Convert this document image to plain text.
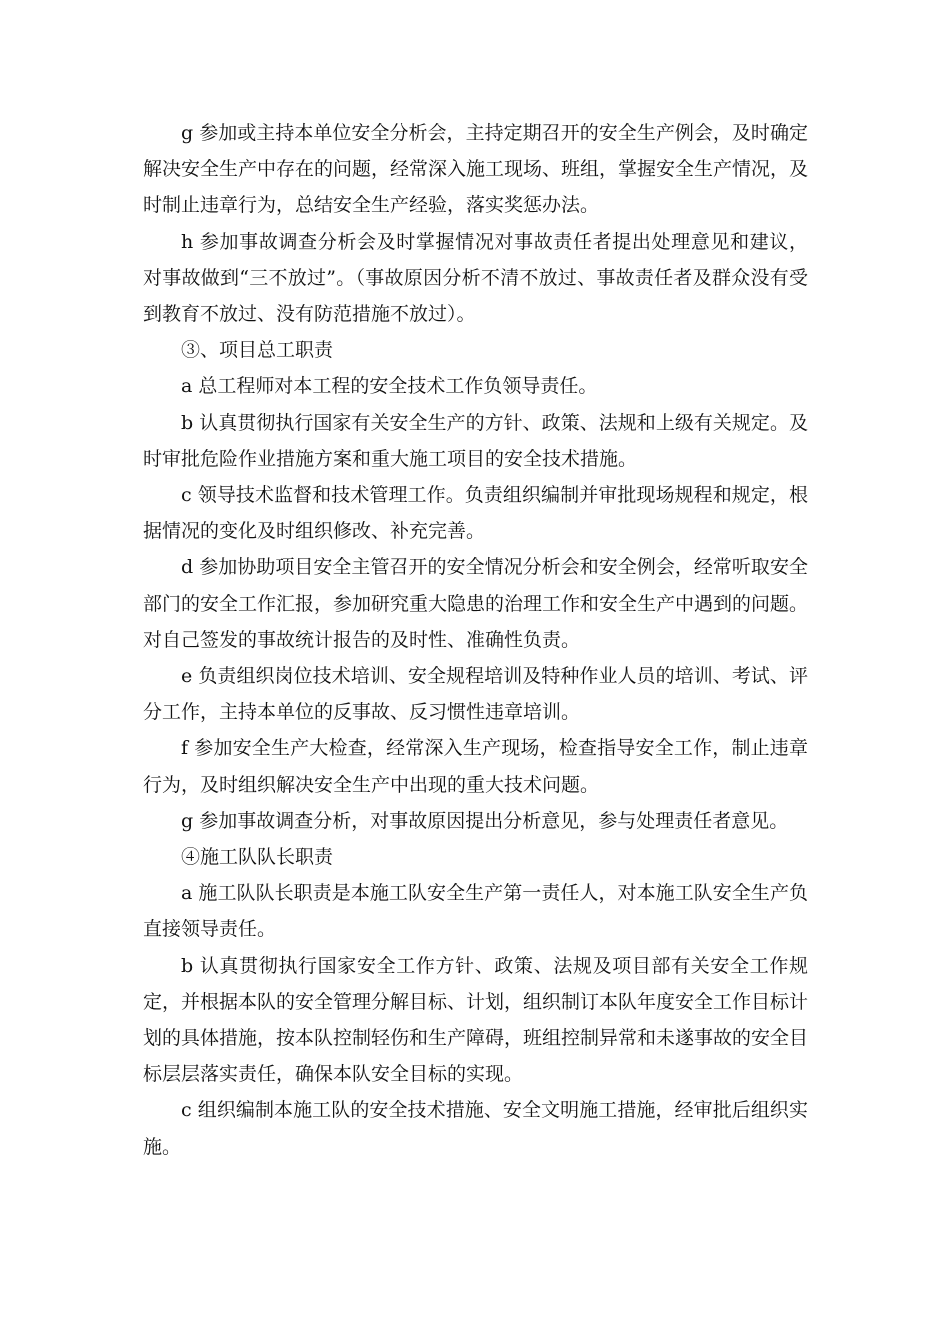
g 参加或主持本单位安全分析会，主持定期召开的安全生产例会，及时确定解决安全生产中存在的问题，经常深入施工现场、班组，掌握安全生产情况，及时制止违章行为，总结安全生产经验，落实奖惩办法。

h 参加事故调查分析会及时掌握情况对事故责任者提出处理意见和建议， 对事故做到“三不放过”。（事故原因分析不清不放过、事故责任者及群众没有受到教育不放过、没有防范措施不放过）。

③、项目总工职责

a 总工程师对本工程的安全技术工作负领导责任。

b 认真贯彻执行国家有关安全生产的方针、政策、法规和上级有关规定。及时审批危险作业措施方案和重大施工项目的安全技术措施。

c 领导技术监督和技术管理工作。负责组织编制并审批现场规程和规定，根据情况的变化及时组织修改、补充完善。

d 参加协助项目安全主管召开的安全情况分析会和安全例会，经常听取安全部门的安全工作汇报，参加研究重大隐患的治理工作和安全生产中遇到的问题。对自己签发的事故统计报告的及时性、准确性负责。

e 负责组织岗位技术培训、安全规程培训及特种作业人员的培训、考试、评分工作，主持本单位的反事故、反习惯性违章培训。

f 参加安全生产大检查，经常深入生产现场，检查指导安全工作，制止违章行为，及时组织解决安全生产中出现的重大技术问题。

g 参加事故调查分析，对事故原因提出分析意见，参与处理责任者意见。

④施工队队长职责

a 施工队队长职责是本施工队安全生产第一责任人，对本施工队安全生产负直接领导责任。

b 认真贯彻执行国家安全工作方针、政策、法规及项目部有关安全工作规定，并根据本队的安全管理分解目标、计划，组织制订本队年度安全工作目标计划的具体措施，按本队控制轻伤和生产障碍，班组控制异常和未遂事故的安全目标层层落实责任，确保本队安全目标的实现。

c 组织编制本施工队的安全技术措施、安全文明施工措施，经审批后组织实施。
